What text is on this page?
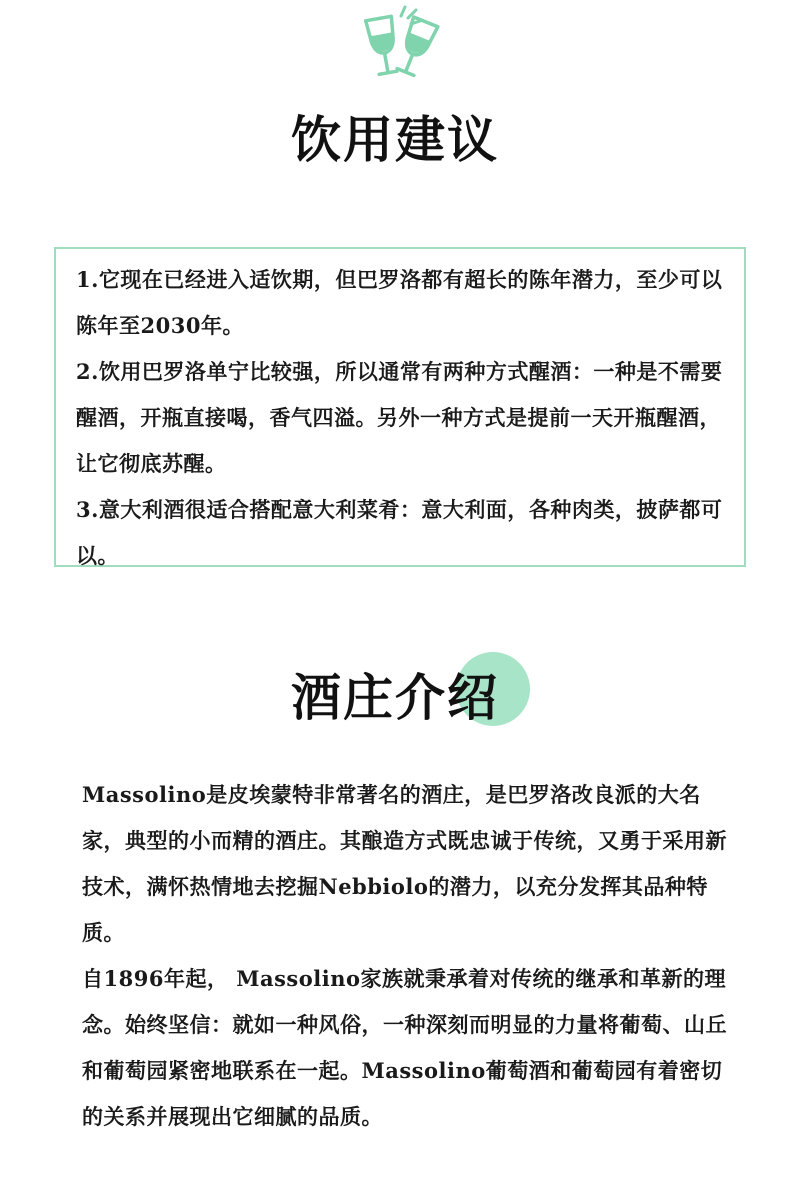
饮用建议

1.它现在已经进入适饮期，但巴罗洛都有超长的陈年潜力，至少可以陈年至2030年。

2.饮用巴罗洛单宁比较强，所以通常有两种方式醒酒：一种是不需要醒酒，开瓶直接喝，香气四溢。另外一种方式是提前一天开瓶醒酒，让它彻底苏醒。

3.意大利酒很适合搭配意大利菜肴：意大利面，各种肉类，披萨都可以。

酒庄介绍

Massolino是皮埃蒙特非常著名的酒庄，是巴罗洛改良派的大名家，典型的小而精的酒庄。其酿造方式既忠诚于传统，又勇于采用新技术，满怀热情地去挖掘Nebbiolo的潜力，以充分发挥其品种特质。

自1896年起， Massolino家族就秉承着对传统的继承和革新的理念。始终坚信：就如一种风俗，一种深刻而明显的力量将葡萄、山丘和葡萄园紧密地联系在一起。Massolino葡萄酒和葡萄园有着密切的关系并展现出它细腻的品质。
